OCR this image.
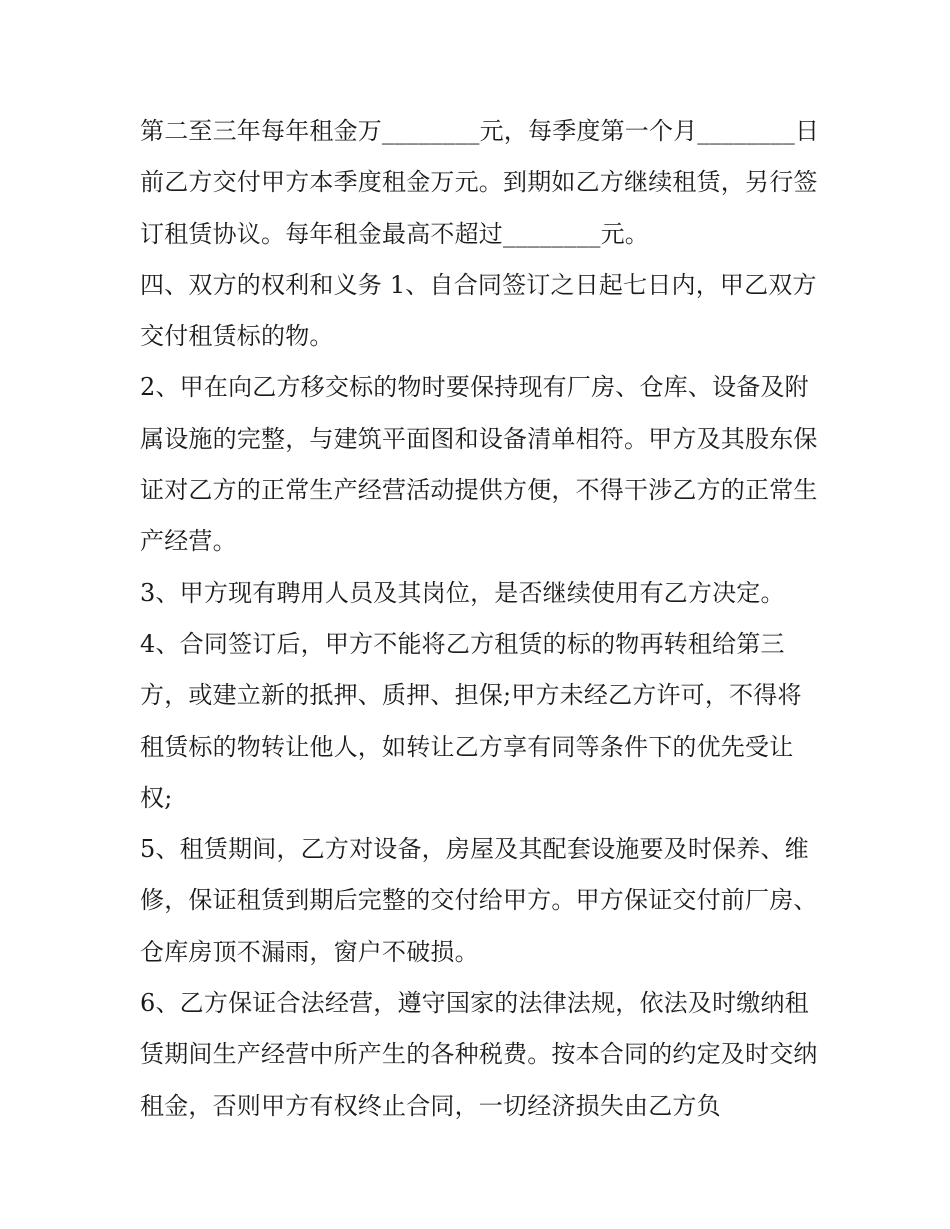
第二至三年每年租金万________元，每季度第一个月________日前乙方交付甲方本季度租金万元。到期如乙方继续租赁，另行签订租赁协议。每年租金最高不超过________元。

四、双方的权利和义务 1、自合同签订之日起七日内，甲乙双方交付租赁标的物。

2、甲在向乙方移交标的物时要保持现有厂房、仓库、设备及附属设施的完整，与建筑平面图和设备清单相符。甲方及其股东保证对乙方的正常生产经营活动提供方便，不得干涉乙方的正常生产经营。

3、甲方现有聘用人员及其岗位，是否继续使用有乙方决定。

4、合同签订后，甲方不能将乙方租赁的标的物再转租给第三方，或建立新的抵押、质押、担保;甲方未经乙方许可，不得将租赁标的物转让他人，如转让乙方享有同等条件下的优先受让权;

5、租赁期间，乙方对设备，房屋及其配套设施要及时保养、维修，保证租赁到期后完整的交付给甲方。甲方保证交付前厂房、仓库房顶不漏雨，窗户不破损。

6、乙方保证合法经营，遵守国家的法律法规，依法及时缴纳租赁期间生产经营中所产生的各种税费。按本合同的约定及时交纳租金，否则甲方有权终止合同，一切经济损失由乙方负
